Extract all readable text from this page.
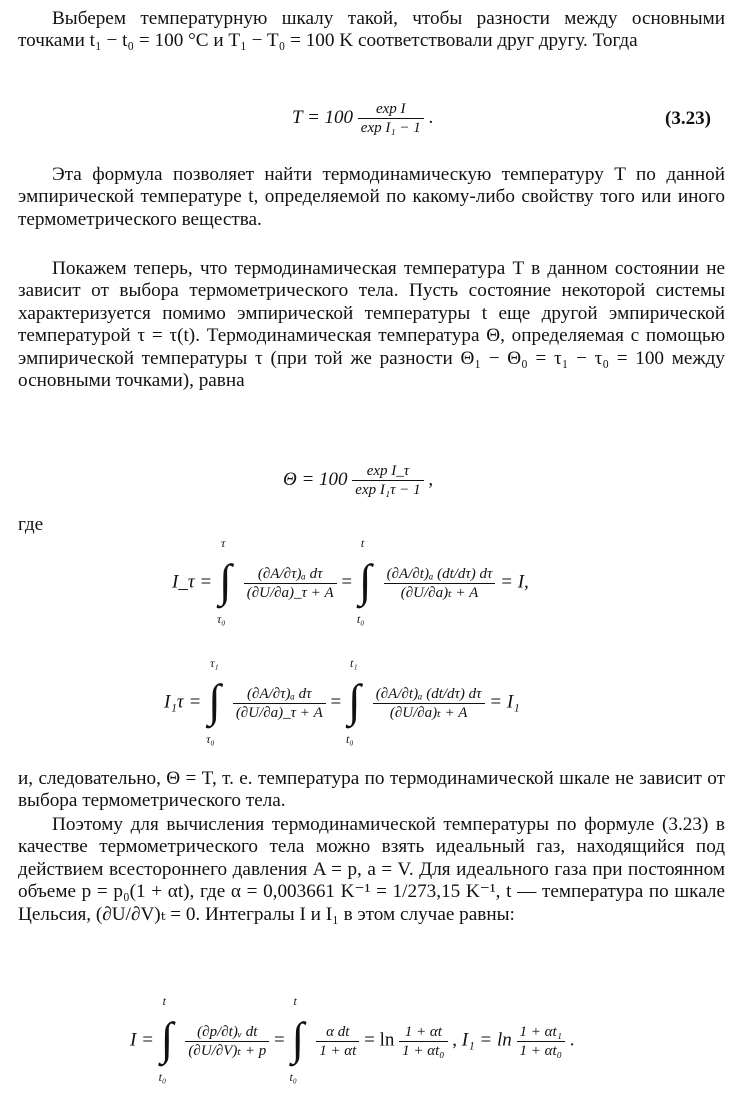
Выберем температурную шкалу такой, чтобы разности между основными точками t₁ − t₀ = 100 °C и T₁ − T₀ = 100 K соответствовали друг другу. Тогда

$T = 100 \frac{\text{exp I}}{\text{exp I₁ − 1}}$ .	(3.23)

Эта формула позволяет найти термодинамическую температуру T по данной эмпирической температуре t, определяемой по какому-либо свойству того или иного термометрического вещества.

Покажем теперь, что термодинамическая температура T в данном состоянии не зависит от выбора термометрического тела. Пусть состояние некоторой системы характеризуется помимо эмпирической температуры t еще другой эмпирической температурой τ = τ(t). Термодинамическая температура Θ, определяемая с помощью эмпирической температуры τ (при той же разности Θ₁ − Θ₀ = τ₁ − τ₀ = 100 между основными точками), равна

$\Theta = 100 \frac{\text{exp I\_τ}}{\text{exp I₁τ − 1}}$ ,
где
I_τ =
τ
∫
τ₀

$\frac{\text{(∂A/∂τ)ₐ dτ}}{(\partial U/\partial a)\_\tau + A}$ =
t
∫
t₀

$\frac{\text{(∂A/∂t)ₐ (dt/dτ) dτ}}{\text{(∂U/∂a)ₜ + A}} = I$,
I₁τ =
τ₁
∫
τ₀

$\frac{\text{(∂A/∂τ)ₐ dτ}}{(\partial U/\partial a)\_\tau + A}$ =
t₁
∫
t₀

$\frac{\text{(∂A/∂t)ₐ (dt/dτ) dτ}}{\text{(∂U/∂a)ₜ + A}} = I_1$

и, следовательно, Θ = T, т. е. температура по термодинамической шкале не зависит от выбора термометрического тела.

Поэтому для вычисления термодинамической температуры по формуле (3.23) в качестве термометрического тела можно взять идеальный газ, находящийся под действием всестороннего давления A = p, a = V. Для идеального газа при постоянном объеме p = p₀(1 + αt), где α = 0,003661 K⁻¹ = 1/273,15 K⁻¹, t — температура по шкале Цельсия, (∂U/∂V)ₜ = 0. Интегралы I и I₁ в этом случае равны:

I =
t
∫
t₀

$\frac{\text{(∂p/∂t)ᵥ dt}}{\text{(∂U/∂V)ₜ + p}}$ =
t
∫
t₀

$\frac{\text{α dt}}{1 + \alpha t} = \ln \frac{1 + \alpha t}{\text{1 + αt₀}}$ , $I_1 = \ln \frac{\text{1 + αt₁}}{\text{1 + αt₀}}$ .
